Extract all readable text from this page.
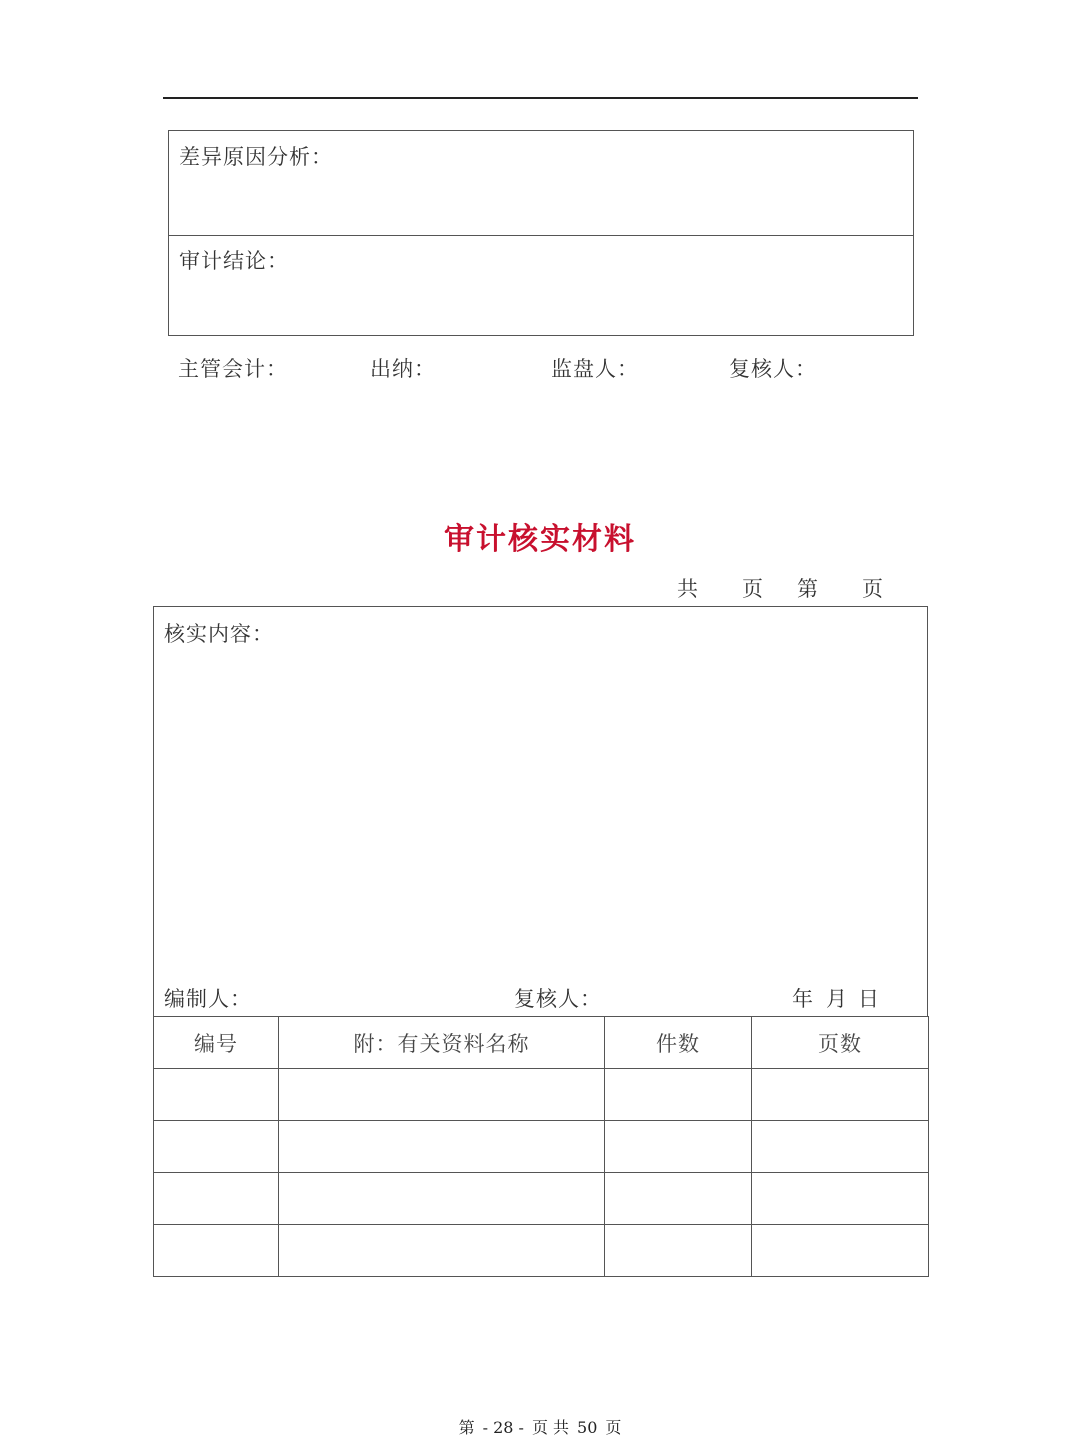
差异原因分析：
审计结论：
主管会计：	出纳：	监盘人：	复核人：
审计核实材料
共 页 第 页
核实内容：
编制人：	复核人：	年 月 日
编号	附：有关资料名称	件数	页数

第 - 28 - 页 共 50 页
